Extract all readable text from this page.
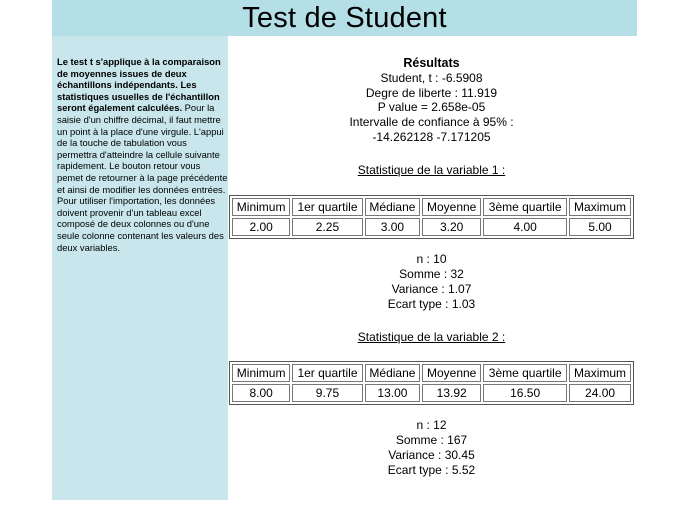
Test de Student
Le test t s'applique à la comparaison de moyennes issues de deux échantillons indépendants. Les statistiques usuelles de l'échantillon seront également calculées. Pour la saisie d'un chiffre décimal, il faut mettre un point à la place d'une virgule. L'appui de la touche de tabulation vous permettra d'atteindre la cellule suivante rapidement. Le bouton retour vous pemet de retourner à la page précédente et ainsi de modifier les données entrées. Pour utiliser l'importation, les données doivent provenir d'un tableau excel composé de deux colonnes ou d'une seule colonne contenant les valeurs des deux variables.
Résultats
Student, t : -6.5908
Degre de liberte : 11.919
P value = 2.658e-05
Intervalle de confiance à 95% :
-14.262128 -7.171205
Statistique de la variable 1 :
Minimum	1er quartile	Médiane	Moyenne	3ème quartile	Maximum
2.00	2.25	3.00	3.20	4.00	5.00
n : 10
Somme : 32
Variance : 1.07
Ecart type : 1.03
Statistique de la variable 2 :
Minimum	1er quartile	Médiane	Moyenne	3ème quartile	Maximum
8.00	9.75	13.00	13.92	16.50	24.00
n : 12
Somme : 167
Variance : 30.45
Ecart type : 5.52
